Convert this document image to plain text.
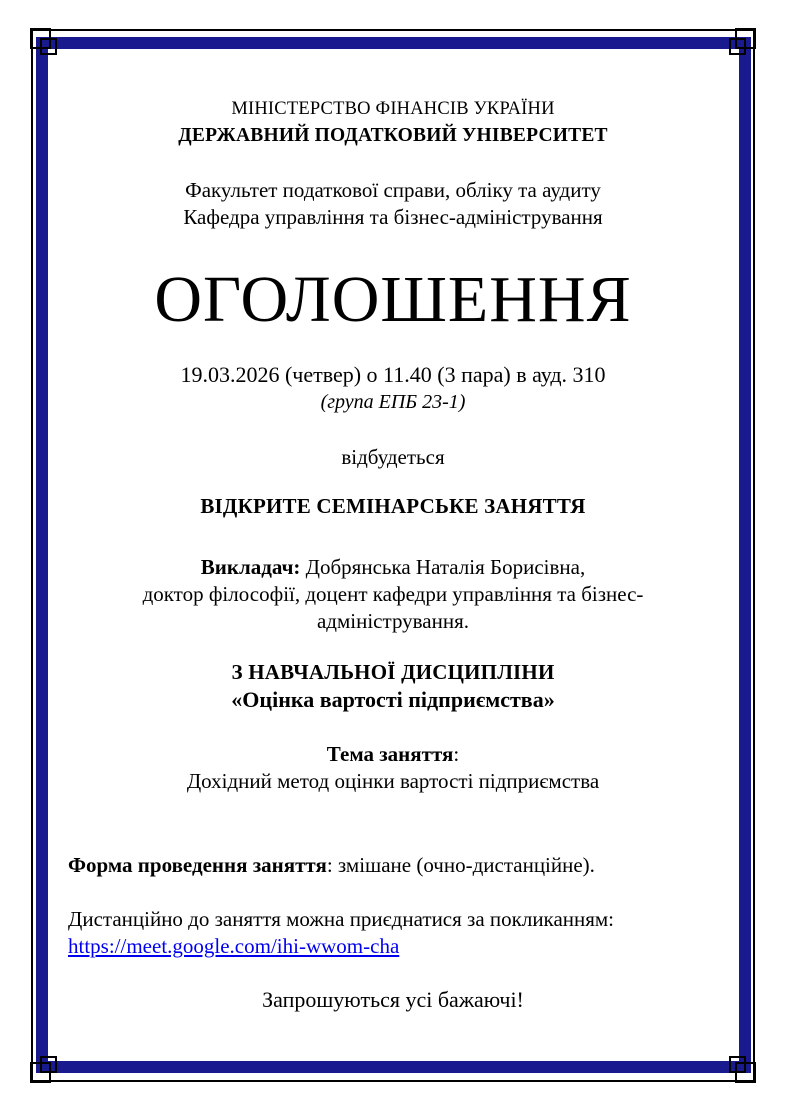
МІНІСТЕРСТВО ФІНАНСІВ УКРАЇНИ
ДЕРЖАВНИЙ ПОДАТКОВИЙ УНІВЕРСИТЕТ
Факультет податкової справи, обліку та аудиту
Кафедра управління та бізнес-адміністрування
ОГОЛОШЕННЯ
19.03.2026 (четвер) о 11.40 (3 пара) в ауд. 310
(група ЕПБ 23-1)
відбудеться
ВІДКРИТЕ СЕМІНАРСЬКЕ ЗАНЯТТЯ
Викладач: Добрянська Наталія Борисівна,
доктор філософії, доцент кафедри управління та бізнес-
адміністрування.
З НАВЧАЛЬНОЇ ДИСЦИПЛІНИ
«Оцінка вартості підприємства»
Тема заняття:
Дохідний метод оцінки вартості підприємства
Форма проведення заняття: змішане (очно-дистанційне).
Дистанційно до заняття можна приєднатися за покликанням:
https://meet.google.com/ihi-wwom-cha
Запрошуються усі бажаючі!
